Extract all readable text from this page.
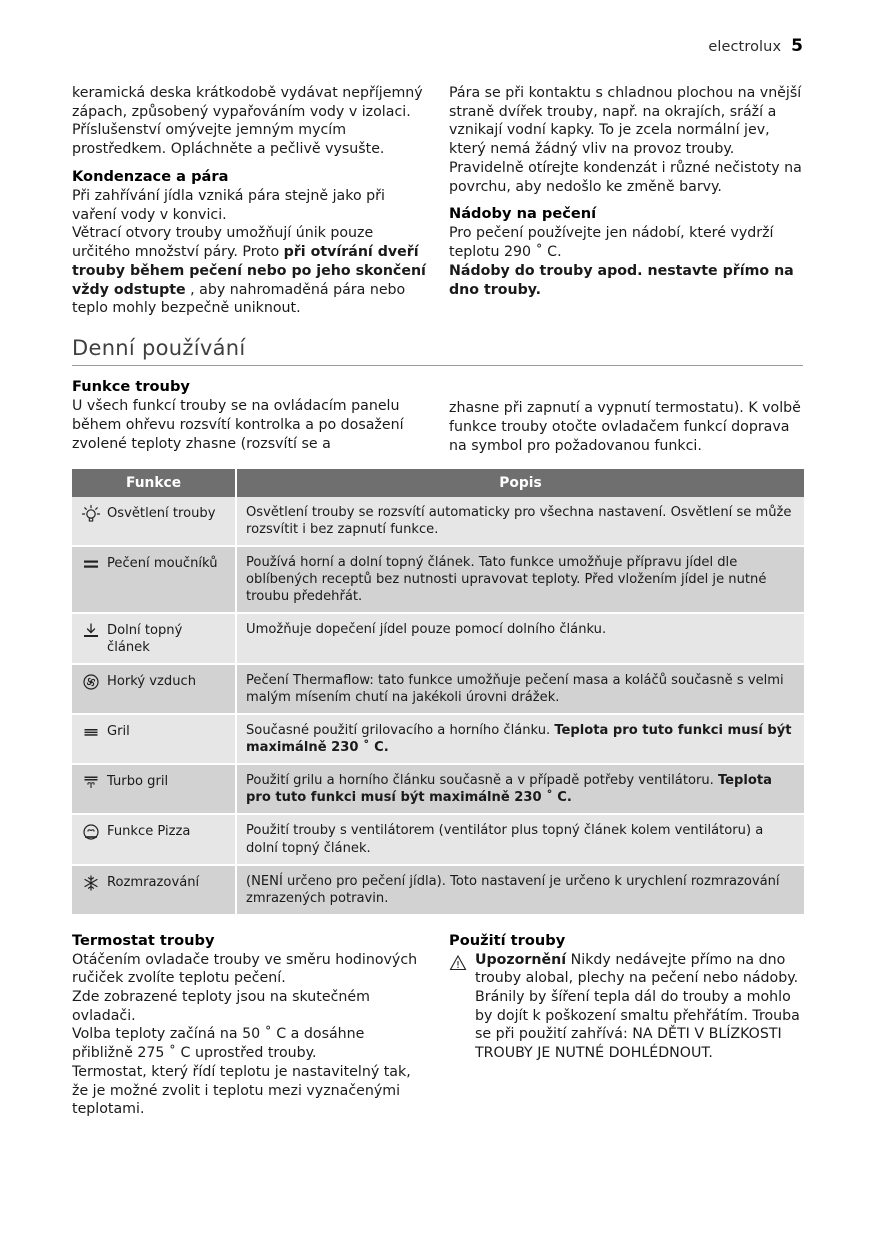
electrolux 5

keramická deska krátkodobě vydávat nepříjemný zápach, způsobený vypařováním vody v izolaci.

Příslušenství omývejte jemným mycím prostředkem. Opláchněte a pečlivě vysušte.

Kondenzace a pára

Při zahřívání jídla vzniká pára stejně jako při vaření vody v konvici.

Větrací otvory trouby umožňují únik pouze určitého množství páry. Proto při otvírání dveří trouby během pečení nebo po jeho skončení vždy odstupte , aby nahromaděná pára nebo teplo mohly bezpečně uniknout.

Pára se při kontaktu s chladnou plochou na vnější straně dvířek trouby, např. na okrajích, sráží a vznikají vodní kapky. To je zcela normální jev, který nemá žádný vliv na provoz trouby. Pravidelně otírejte kondenzát i různé nečistoty na povrchu, aby nedošlo ke změně barvy.

Nádoby na pečení

Pro pečení používejte jen nádobí, které vydrží teplotu 290 ˚ C.

Nádoby do trouby apod. nestavte přímo na dno trouby.

Denní používání
Funkce trouby

U všech funkcí trouby se na ovládacím panelu během ohřevu rozsvítí kontrolka a po dosažení zvolené teploty zhasne (rozsvítí se a

zhasne při zapnutí a vypnutí termostatu). K volbě funkce trouby otočte ovladačem funkcí doprava na symbol pro požadovanou funkci.

Funkce	Popis

Osvětlení trouby	Osvětlení trouby se rozsvítí automaticky pro všechna nastavení. Osvětlení se může rozsvítit i bez zapnutí funkce.

Pečení moučníků	Používá horní a dolní topný článek. Tato funkce umožňuje přípravu jídel dle oblíbených receptů bez nutnosti upravovat teploty. Před vložením jídel je nutné troubu předehřát.

Dolní topný článek	Umožňuje dopečení jídel pouze pomocí dolního článku.

Horký vzduch	Pečení Thermaflow: tato funkce umožňuje pečení masa a koláčů současně s velmi malým mísením chutí na jakékoli úrovni drážek.

Gril	Současné použití grilovacího a horního článku. Teplota pro tuto funkci musí být maximálně 230 ˚ C.

Turbo gril	Použití grilu a horního článku současně a v případě potřeby ventilátoru. Teplota pro tuto funkci musí být maximálně 230 ˚ C.

Funkce Pizza	Použití trouby s ventilátorem (ventilátor plus topný článek kolem ventilátoru) a dolní topný článek.

Rozmrazování	(NENÍ určeno pro pečení jídla). Toto nastavení je určeno k urychlení rozmrazování zmrazených potravin.
Termostat trouby

Otáčením ovladače trouby ve směru hodinových ručiček zvolíte teplotu pečení.

Zde zobrazené teploty jsou na skutečném ovladači.

Volba teploty začíná na 50 ˚ C a dosáhne přibližně 275 ˚ C uprostřed trouby.

Termostat, který řídí teplotu je nastavitelný tak, že je možné zvolit i teplotu mezi vyznačenými teplotami.

Použití trouby

Upozornění Nikdy nedávejte přímo na dno trouby alobal, plechy na pečení nebo nádoby.

Bránily by šíření tepla dál do trouby a mohlo by dojít k poškození smaltu přehřátím. Trouba se při použití zahřívá: NA DĚTI V BLÍZKOSTI TROUBY JE NUTNÉ DOHLÉDNOUT.
